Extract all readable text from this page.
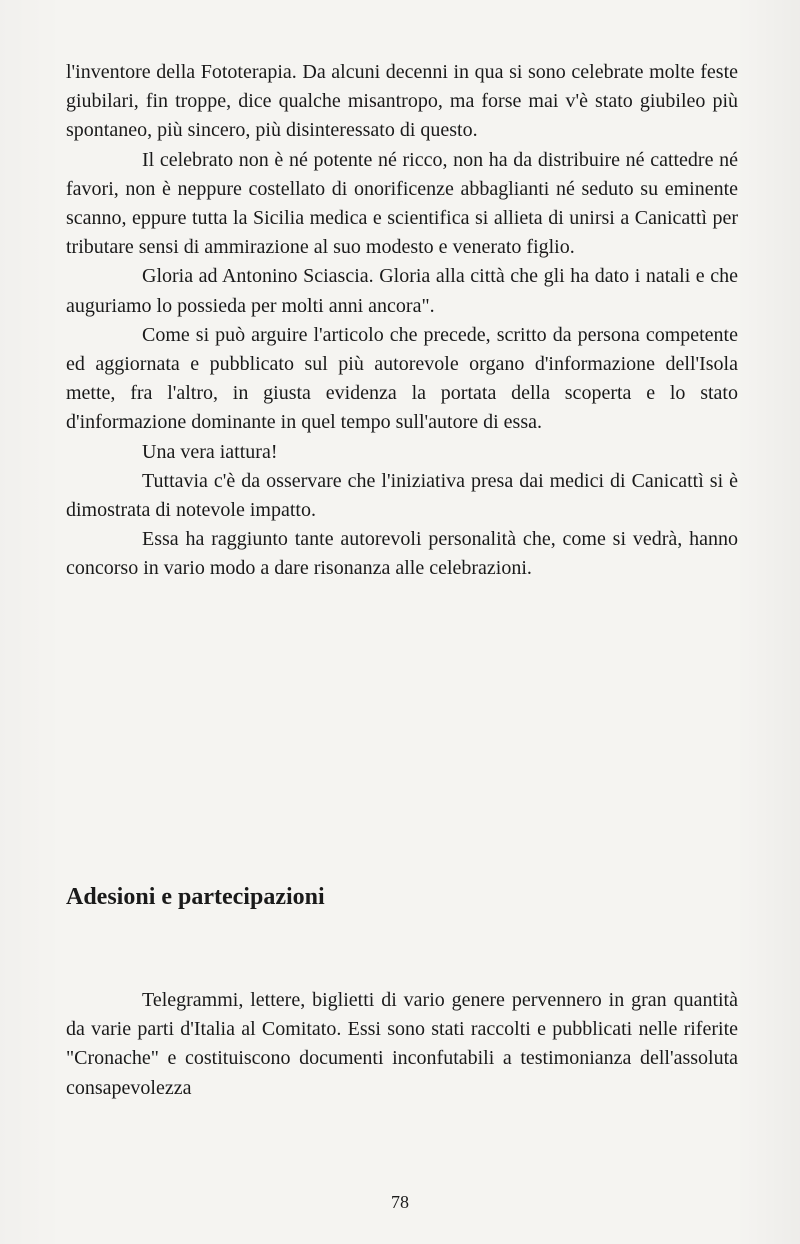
l'inventore della Fototerapia. Da alcuni decenni in qua si sono celebrate molte feste giubilari, fin troppe, dice qualche misantropo, ma forse mai v'è stato giubileo più spontaneo, più sincero, più disinteressato di questo.

Il celebrato non è né potente né ricco, non ha da distribuire né cattedre né favori, non è neppure costellato di onorificenze abbaglianti né seduto su eminente scanno, eppure tutta la Sicilia medica e scientifica si allieta di unirsi a Canicattì per tributare sensi di ammirazione al suo modesto e venerato figlio.

Gloria ad Antonino Sciascia. Gloria alla città che gli ha dato i natali e che auguriamo lo possieda per molti anni ancora".

Come si può arguire l'articolo che precede, scritto da persona competente ed aggiornata e pubblicato sul più autorevole organo d'informazione dell'Isola mette, fra l'altro, in giusta evidenza la portata della scoperta e lo stato d'informazione dominante in quel tempo sull'autore di essa.

Una vera iattura!

Tuttavia c'è da osservare che l'iniziativa presa dai medici di Canicattì si è dimostrata di notevole impatto.

Essa ha raggiunto tante autorevoli personalità che, come si vedrà, hanno concorso in vario modo a dare risonanza alle celebrazioni.

Adesioni e partecipazioni

Telegrammi, lettere, biglietti di vario genere pervennero in gran quantità da varie parti d'Italia al Comitato. Essi sono stati raccolti e pubblicati nelle riferite "Cronache" e costituiscono documenti inconfutabili a testimonianza dell'assoluta consapevolezza

78
